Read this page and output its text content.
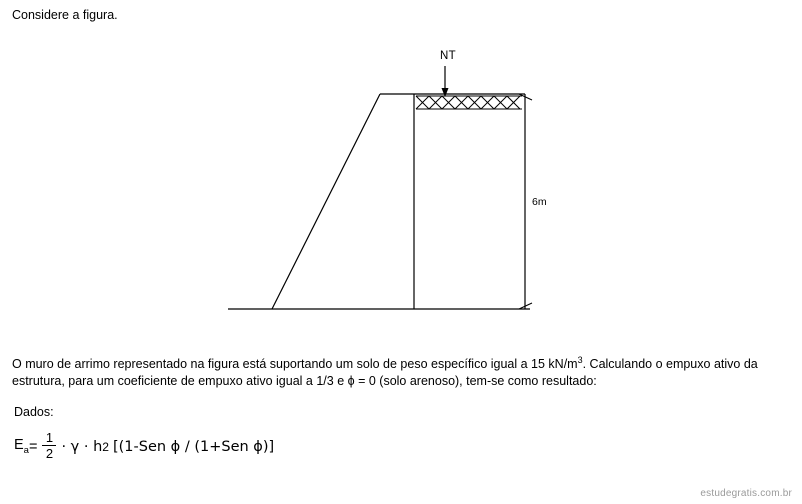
Considere a figura.
NT
6m
O muro de arrimo representado na figura está suportando um solo de peso específico igual a 15 $kN/m^3$. Calculando o empuxo ativo da estrutura, para um coeficiente de empuxo ativo igual a 1/3 e ϕ = 0 (solo arenoso), tem-se como resultado:
Dados:
$E_a = \frac{1}{2} \cdot \gamma \cdot h$ 2 [(1-Sen ϕ / (1+Sen ϕ)]
estudegratis.com.br
